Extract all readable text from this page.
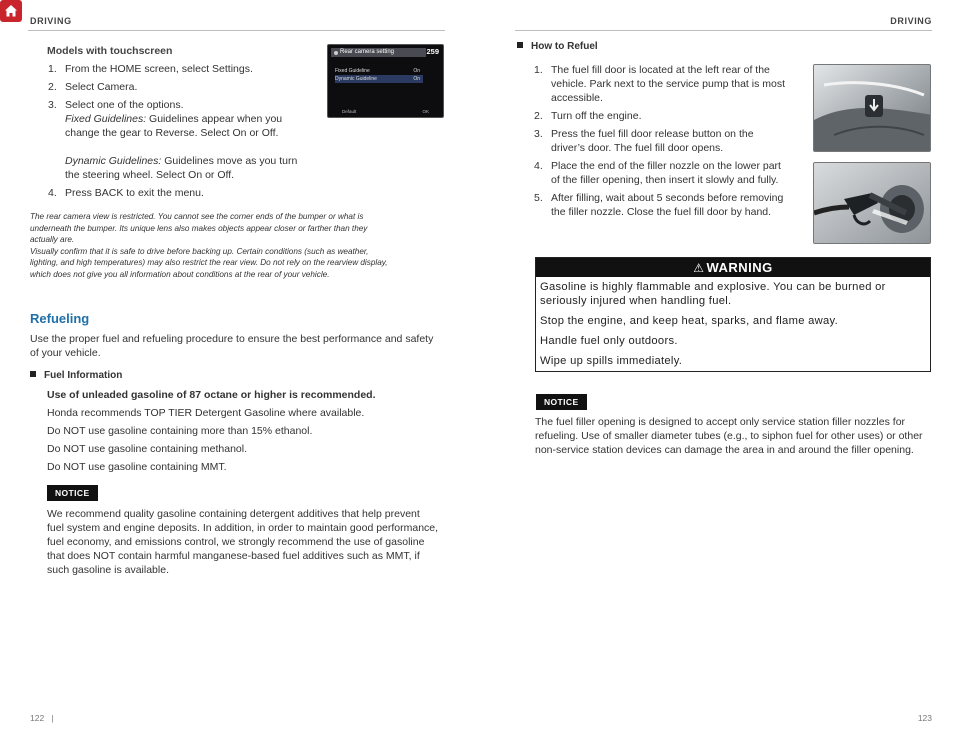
DRIVING	DRIVING
Models with touchscreen
1. From the HOME screen, select Settings.
2. Select Camera.
3. Select one of the options.
Fixed Guidelines: Guidelines appear when you
change the gear to Reverse. Select On or Off.
Dynamic Guidelines: Guidelines move as you turn
the steering wheel. Select On or Off.
4. Press BACK to exit the menu.
Rear camera setting	259
Fixed Guideline	On
Dynamic Guideline	On
Default	OK
The rear camera view is restricted. You cannot see the corner ends of the bumper or what is
underneath the bumper. Its unique lens also makes objects appear closer or farther than they
actually are.
Visually confirm that it is safe to drive before backing up. Certain conditions (such as weather,
lighting, and high temperatures) may also restrict the rear view. Do not rely on the rearview display,
which does not give you all information about conditions at the rear of your vehicle.
Refueling
Use the proper fuel and refueling procedure to ensure the best performance and safety
of your vehicle.
Fuel Information
Use of unleaded gasoline of 87 octane or higher is recommended.
Honda recommends TOP TIER Detergent Gasoline where available.
Do NOT use gasoline containing more than 15% ethanol.
Do NOT use gasoline containing methanol.
Do NOT use gasoline containing MMT.
NOTICE
We recommend quality gasoline containing detergent additives that help prevent
fuel system and engine deposits. In addition, in order to maintain good performance,
fuel economy, and emissions control, we strongly recommend the use of gasoline
that does NOT contain harmful manganese-based fuel additives such as MMT, if
such gasoline is available.
122 |
How to Refuel
1. The fuel fill door is located at the left rear of the
vehicle. Park next to the service pump that is most
accessible.
2. Turn off the engine.
3. Press the fuel fill door release button on the
driver’s door. The fuel fill door opens.
4. Place the end of the filler nozzle on the lower part
of the filler opening, then insert it slowly and fully.
5. After filling, wait about 5 seconds before removing
the filler nozzle. Close the fuel fill door by hand.
⚠ WARNING
Gasoline is highly flammable and explosive. You can be burned or
seriously injured when handling fuel.
Stop the engine, and keep heat, sparks, and flame away.
Handle fuel only outdoors.
Wipe up spills immediately.
NOTICE
The fuel filler opening is designed to accept only service station filler nozzles for
refueling. Use of smaller diameter tubes (e.g., to siphon fuel for other uses) or other
non-service station devices can damage the area in and around the filler opening.
123
